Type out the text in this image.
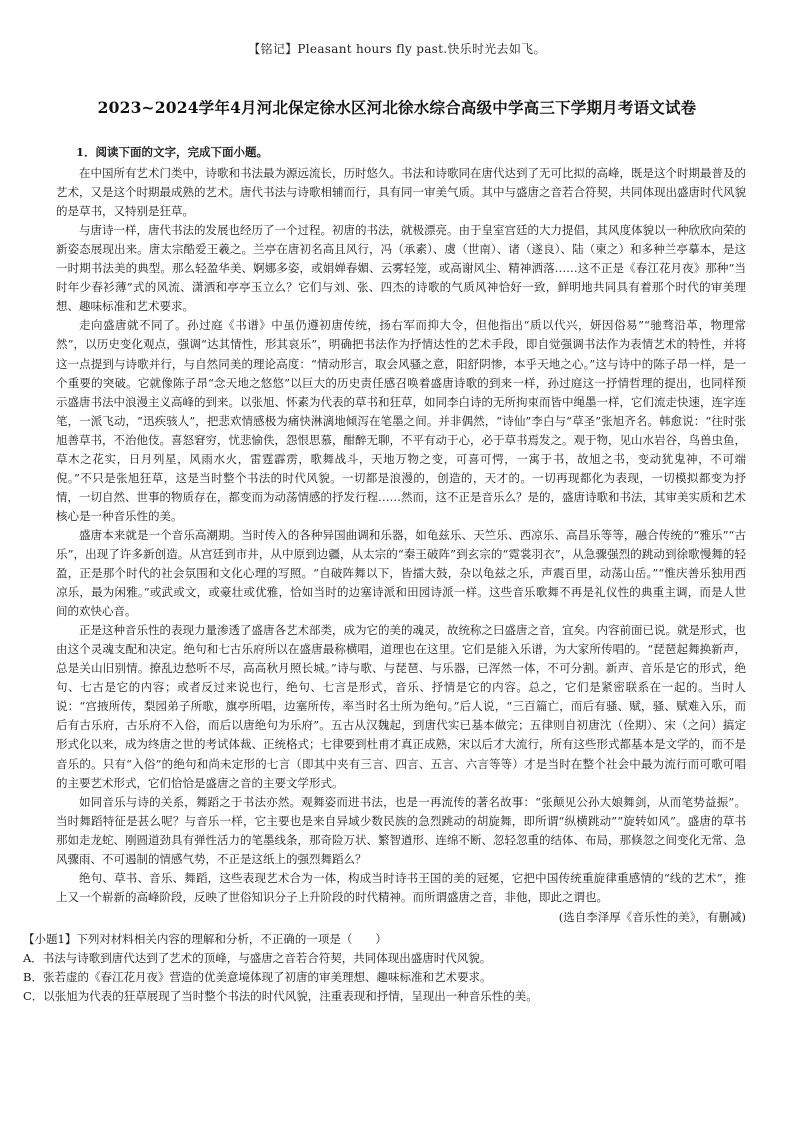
【铭记】Pleasant hours fly past.快乐时光去如飞。
2023~2024学年4月河北保定徐水区河北徐水综合高级中学高三下学期月考语文试卷
1．阅读下面的文字，完成下面小题。

在中国所有艺术门类中，诗歌和书法最为源远流长，历时悠久。书法和诗歌同在唐代达到了无可比拟的高峰，既是这个时期最普及的艺术，又是这个时期最成熟的艺术。唐代书法与诗歌相辅而行，具有同一审美气质。其中与盛唐之音若合符契，共同体现出盛唐时代风貌的是草书，又特别是狂草。

与唐诗一样，唐代书法的发展也经历了一个过程。初唐的书法，就极漂亮。由于皇室宫廷的大力提倡，其风度体貌以一种欣欣向荣的新姿态展现出来。唐太宗酷爱王羲之。兰亭在唐初名高且风行，冯（承素）、虞（世南）、诸（遂良）、陆（柬之）和多种兰亭摹本，是这一时期书法美的典型。那么轻盈华美、婀娜多姿，或娟婵春媚、云雾轻笼，或高谢风尘、精神洒落……这不正是《春江花月夜》那种“当时年少春衫薄”式的风流、潇洒和亭亭玉立么？它们与刘、张、四杰的诗歌的气质风神恰好一致，鲜明地共同具有着那个时代的审美理想、趣味标准和艺术要求。

走向盛唐就不同了。孙过庭《书谱》中虽仍遵初唐传统，扬右军而抑大令，但他指出“质以代兴，妍因俗易”“驰骛沿革，物理常然”，以历史变化观点，强调“达其情性，形其哀乐”，明确把书法作为抒情达性的艺术手段，即自觉强调书法作为表情艺术的特性，并将这一点提到与诗歌并行，与自然同美的理论高度：“情动形言，取会风骚之意，阳舒阴惨，本乎天地之心。”这与诗中的陈子昂一样，是一个重要的突破。它就像陈子昂“念天地之悠悠”以巨大的历史责任感召唤着盛唐诗歌的到来一样，孙过庭这一抒情哲理的提出，也同样预示盛唐书法中浪漫主义高峰的到来。以张旭、怀素为代表的草书和狂草，如同李白诗的无所拘束而皆中绳墨一样，它们流走快速，连字连笔，一派飞动，“迅疾骇人”，把悲欢情感极为痛快淋漓地倾泻在笔墨之间。并非偶然，“诗仙”李白与“草圣”张旭齐名。韩愈说：“往时张旭善草书，不治他伎。喜怒窘穷，忧悲愉佚，怨恨思慕，酣醉无聊，不平有动于心，必于草书焉发之。观于物，见山水岩谷，鸟兽虫鱼，草木之花实，日月列星，风雨水火，雷霆霹雳，歌舞战斗，天地万物之变，可喜可愕，一寓于书，故旭之书，变动犹鬼神，不可端倪。”不只是张旭狂草，这是当时整个书法的时代风貌。一切都是浪漫的，创造的，天才的。一切再现都化为表现，一切模拟都变为抒情，一切自然、世事的物质存在，都变而为动荡情感的抒发行程……然而，这不正是音乐么？是的，盛唐诗歌和书法，其审美实质和艺术核心是一种音乐性的美。

盛唐本来就是一个音乐高潮期。当时传入的各种异国曲调和乐器，如龟兹乐、天竺乐、西凉乐、高昌乐等等，融合传统的“雅乐”“古乐”，出现了许多新创造。从宫廷到市井，从中原到边疆，从太宗的“秦王破阵”到玄宗的“霓裳羽衣”，从急骤强烈的跳动到徐歌慢舞的轻盈，正是那个时代的社会氛围和文化心理的写照。“自破阵舞以下，皆擂大鼓，杂以龟兹之乐，声震百里，动荡山岳。”“惟庆善乐独用西凉乐，最为闲雅。”或武或文，或豪壮或优雅，恰如当时的边塞诗派和田园诗派一样。这些音乐歌舞不再是礼仪性的典重主调，而是人世间的欢快心音。

正是这种音乐性的表现力量渗透了盛唐各艺术部类，成为它的美的魂灵，故统称之曰盛唐之音，宜矣。内容前面已说。就是形式，也由这个灵魂支配和决定。绝句和七古乐府所以在盛唐最称横唱，道理也在这里。它们是能入乐谱，为大家所传唱的。“琵琶起舞换新声，总是关山旧别情。撩乱边愁听不尽，高高秋月照长城。”诗与歌、与琵琶、与乐器，已浑然一体，不可分割。新声、音乐是它的形式，绝句、七古是它的内容；或者反过来说也行，绝句、七言是形式，音乐、抒情是它的内容。总之，它们是紧密联系在一起的。当时人说：“宫掖所传，梨园弟子所歌，旗亭所唱，边塞所传，率当时名士所为绝句。”后人说，“三百篇亡，而后有骚、赋，骚、赋难入乐，而后有古乐府，古乐府不入俗，而后以唐绝句为乐府”。五古从汉魏起，到唐代实已基本做完；五律则自初唐沈（佺期）、宋（之问）搞定形式化以来，成为终唐之世的考试体裁、正统格式；七律要到杜甫才真正成熟，宋以后才大流行，所有这些形式都基本是文学的，而不是音乐的。只有“入俗”的绝句和尚未定形的七言（即其中夹有三言、四言、五言、六言等等）才是当时在整个社会中最为流行而可歌可唱的主要艺术形式，它们恰恰是盛唐之音的主要文学形式。

如同音乐与诗的关系，舞蹈之于书法亦然。观舞姿而进书法，也是一再流传的著名故事：“张颠见公孙大娘舞剑，从而笔势益振”。当时舞蹈特征是甚么呢？与音乐一样，它主要也是来自异域少数民族的急烈跳动的胡旋舞，即所谓“纵横跳动”“旋转如风”。盛唐的草书那如走龙蛇、刚圆道劲具有弹性活力的笔墨线条，那奇险万状、繁智遒形、连绵不断、忽轻忽重的结体、布局，那倏忽之间变化无常、急风骤雨、不可遏制的情感气势，不正是这纸上的强烈舞蹈么？

绝句、草书、音乐、舞蹈，这些表现艺术合为一体，构成当时诗书王国的美的冠冕，它把中国传统重旋律重感情的“线的艺术”，推上又一个崭新的高峰阶段，反映了世俗知识分子上升阶段的时代精神。而所谓盛唐之音，非他，即此之谓也。

(选自李泽厚《音乐性的美》，有删减)
【小题1】下列对材料相关内容的理解和分析，不正确的一项是（　　）
A．书法与诗歌到唐代达到了艺术的顶峰，与盛唐之音若合符契，共同体现出盛唐时代风貌。
B．张若虚的《春江花月夜》营造的优美意境体现了初唐的审美理想、趣味标准和艺术要求。
C．以张旭为代表的狂草展现了当时整个书法的时代风貌，注重表现和抒情，呈现出一种音乐性的美。
